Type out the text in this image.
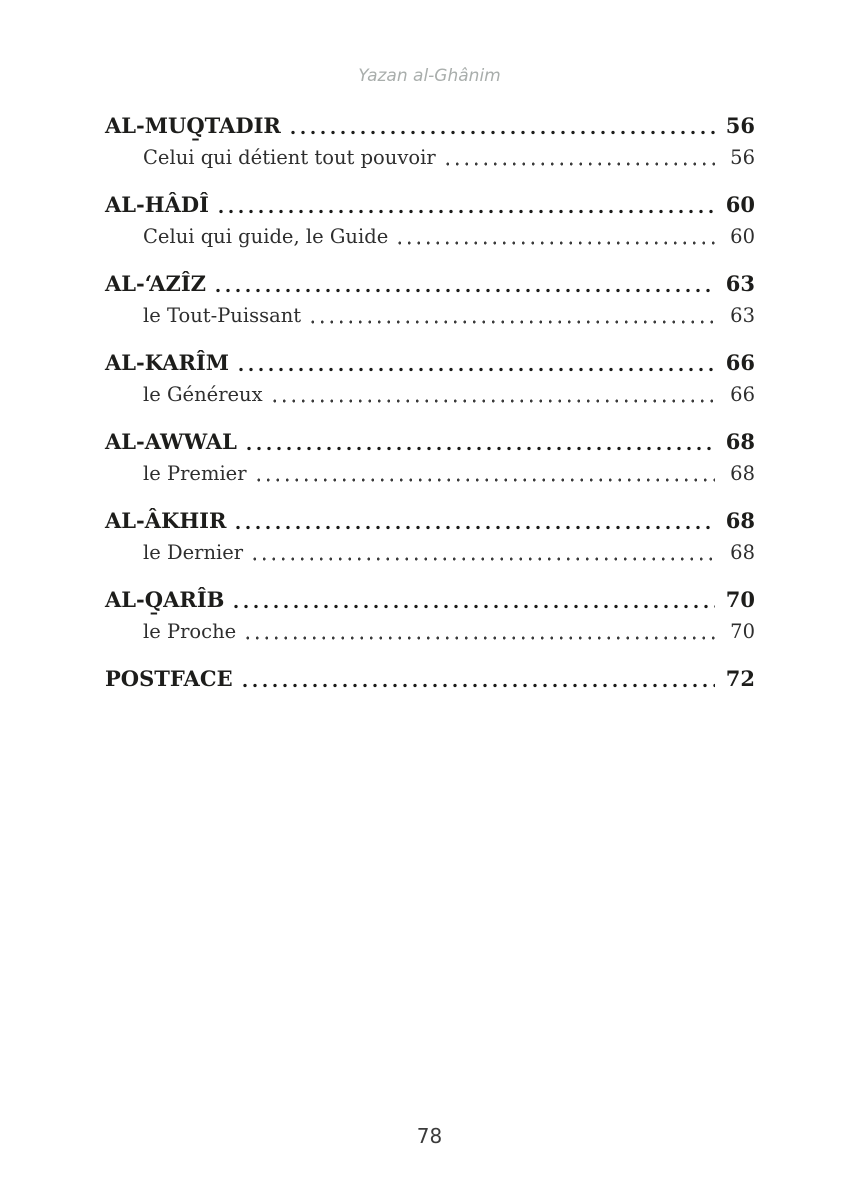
Yazan al-Ghânim
AL-MUQ̱TADIR	56
Celui qui détient tout pouvoir	56
AL-HÂDÎ	60
Celui qui guide, le Guide	60
AL-‘AZÎZ	63
le Tout-Puissant	63
AL-KARÎM	66
le Généreux	66
AL-AWWAL	68
le Premier	68
AL-ÂKHIR	68
le Dernier	68
AL-Q̱ARÎB	70
le Proche	70
POSTFACE	72
78
